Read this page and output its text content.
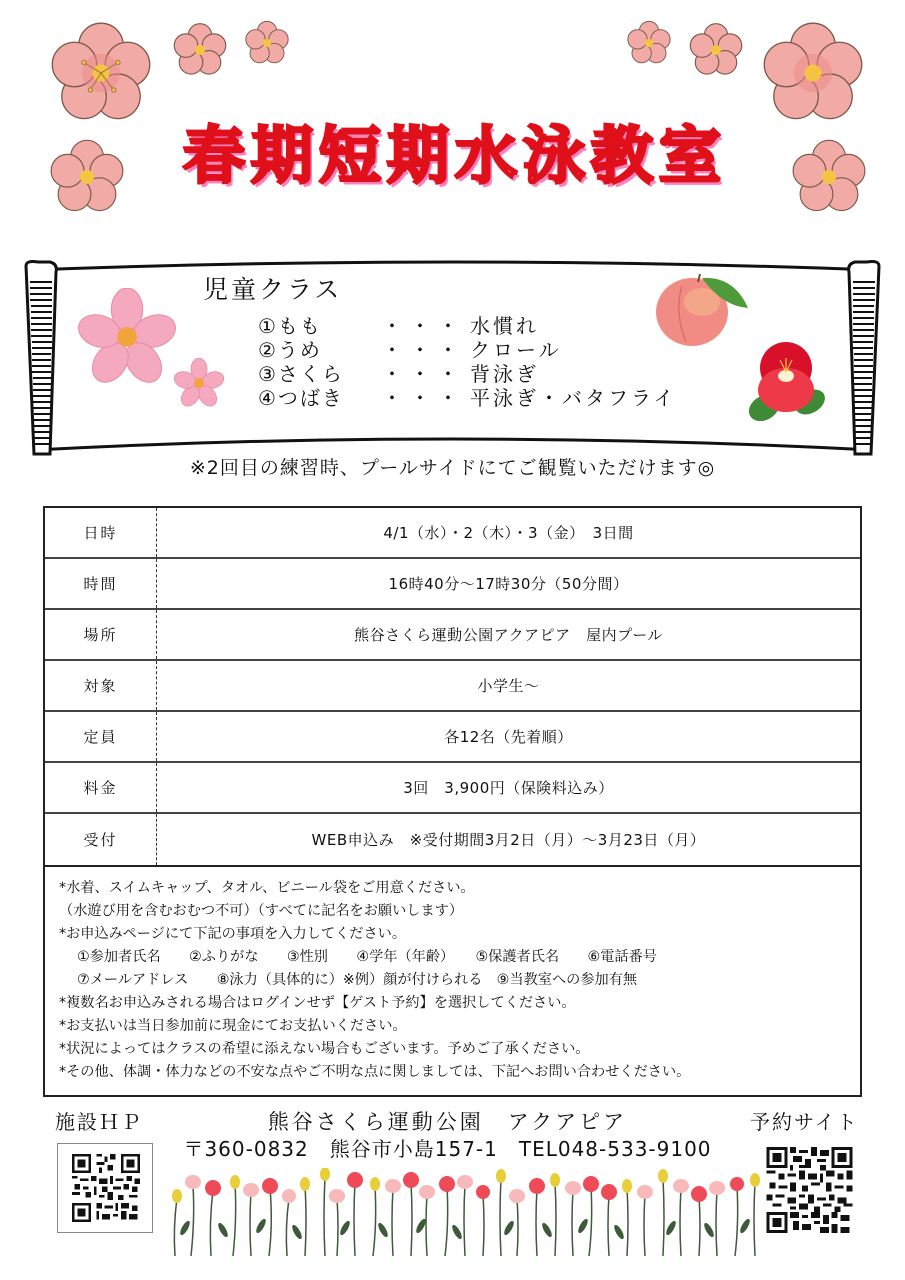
春期短期水泳教室
児童クラス
①もも	・・・ 水慣れ
②うめ	・・・ クロール
③さくら	・・・ 背泳ぎ
④つばき	・・・ 平泳ぎ・バタフライ
※2回目の練習時、プールサイドにてご観覧いただけます◎
日時	4/1（水）・2（木）・3（金）　3日間
時間	16時40分～17時30分（50分間）
場所	熊谷さくら運動公園アクアピア　屋内プール
対象	小学生～
定員	各12名（先着順）
料金	3回　3,900円（保険料込み）
受付	WEB申込み　※受付期間3月2日（月）～3月23日（月）
*水着、スイムキャップ、タオル、ビニール袋をご用意ください。
（水遊び用を含むおむつ不可）（すべてに記名をお願いします）
*お申込みページにて下記の事項を入力してください。
①参加者氏名　　②ふりがな　　③性別　　④学年（年齢）　　⑤保護者氏名　　⑥電話番号
⑦メールアドレス　　⑧泳力（具体的に）※例）顔が付けられる　⑨当教室への参加有無
*複数名お申込みされる場合はログインせず【ゲスト予約】を選択してください。
*お支払いは当日参加前に現金にてお支払いください。
*状況によってはクラスの希望に添えない場合もございます。予めご了承ください。
*その他、体調・体力などの不安な点やご不明な点に関しましては、下記へお問い合わせください。
施設ＨＰ	熊谷さくら運動公園　アクアピア	予約サイト
〒360-0832　熊谷市小島157-1　TEL048-533-9100
